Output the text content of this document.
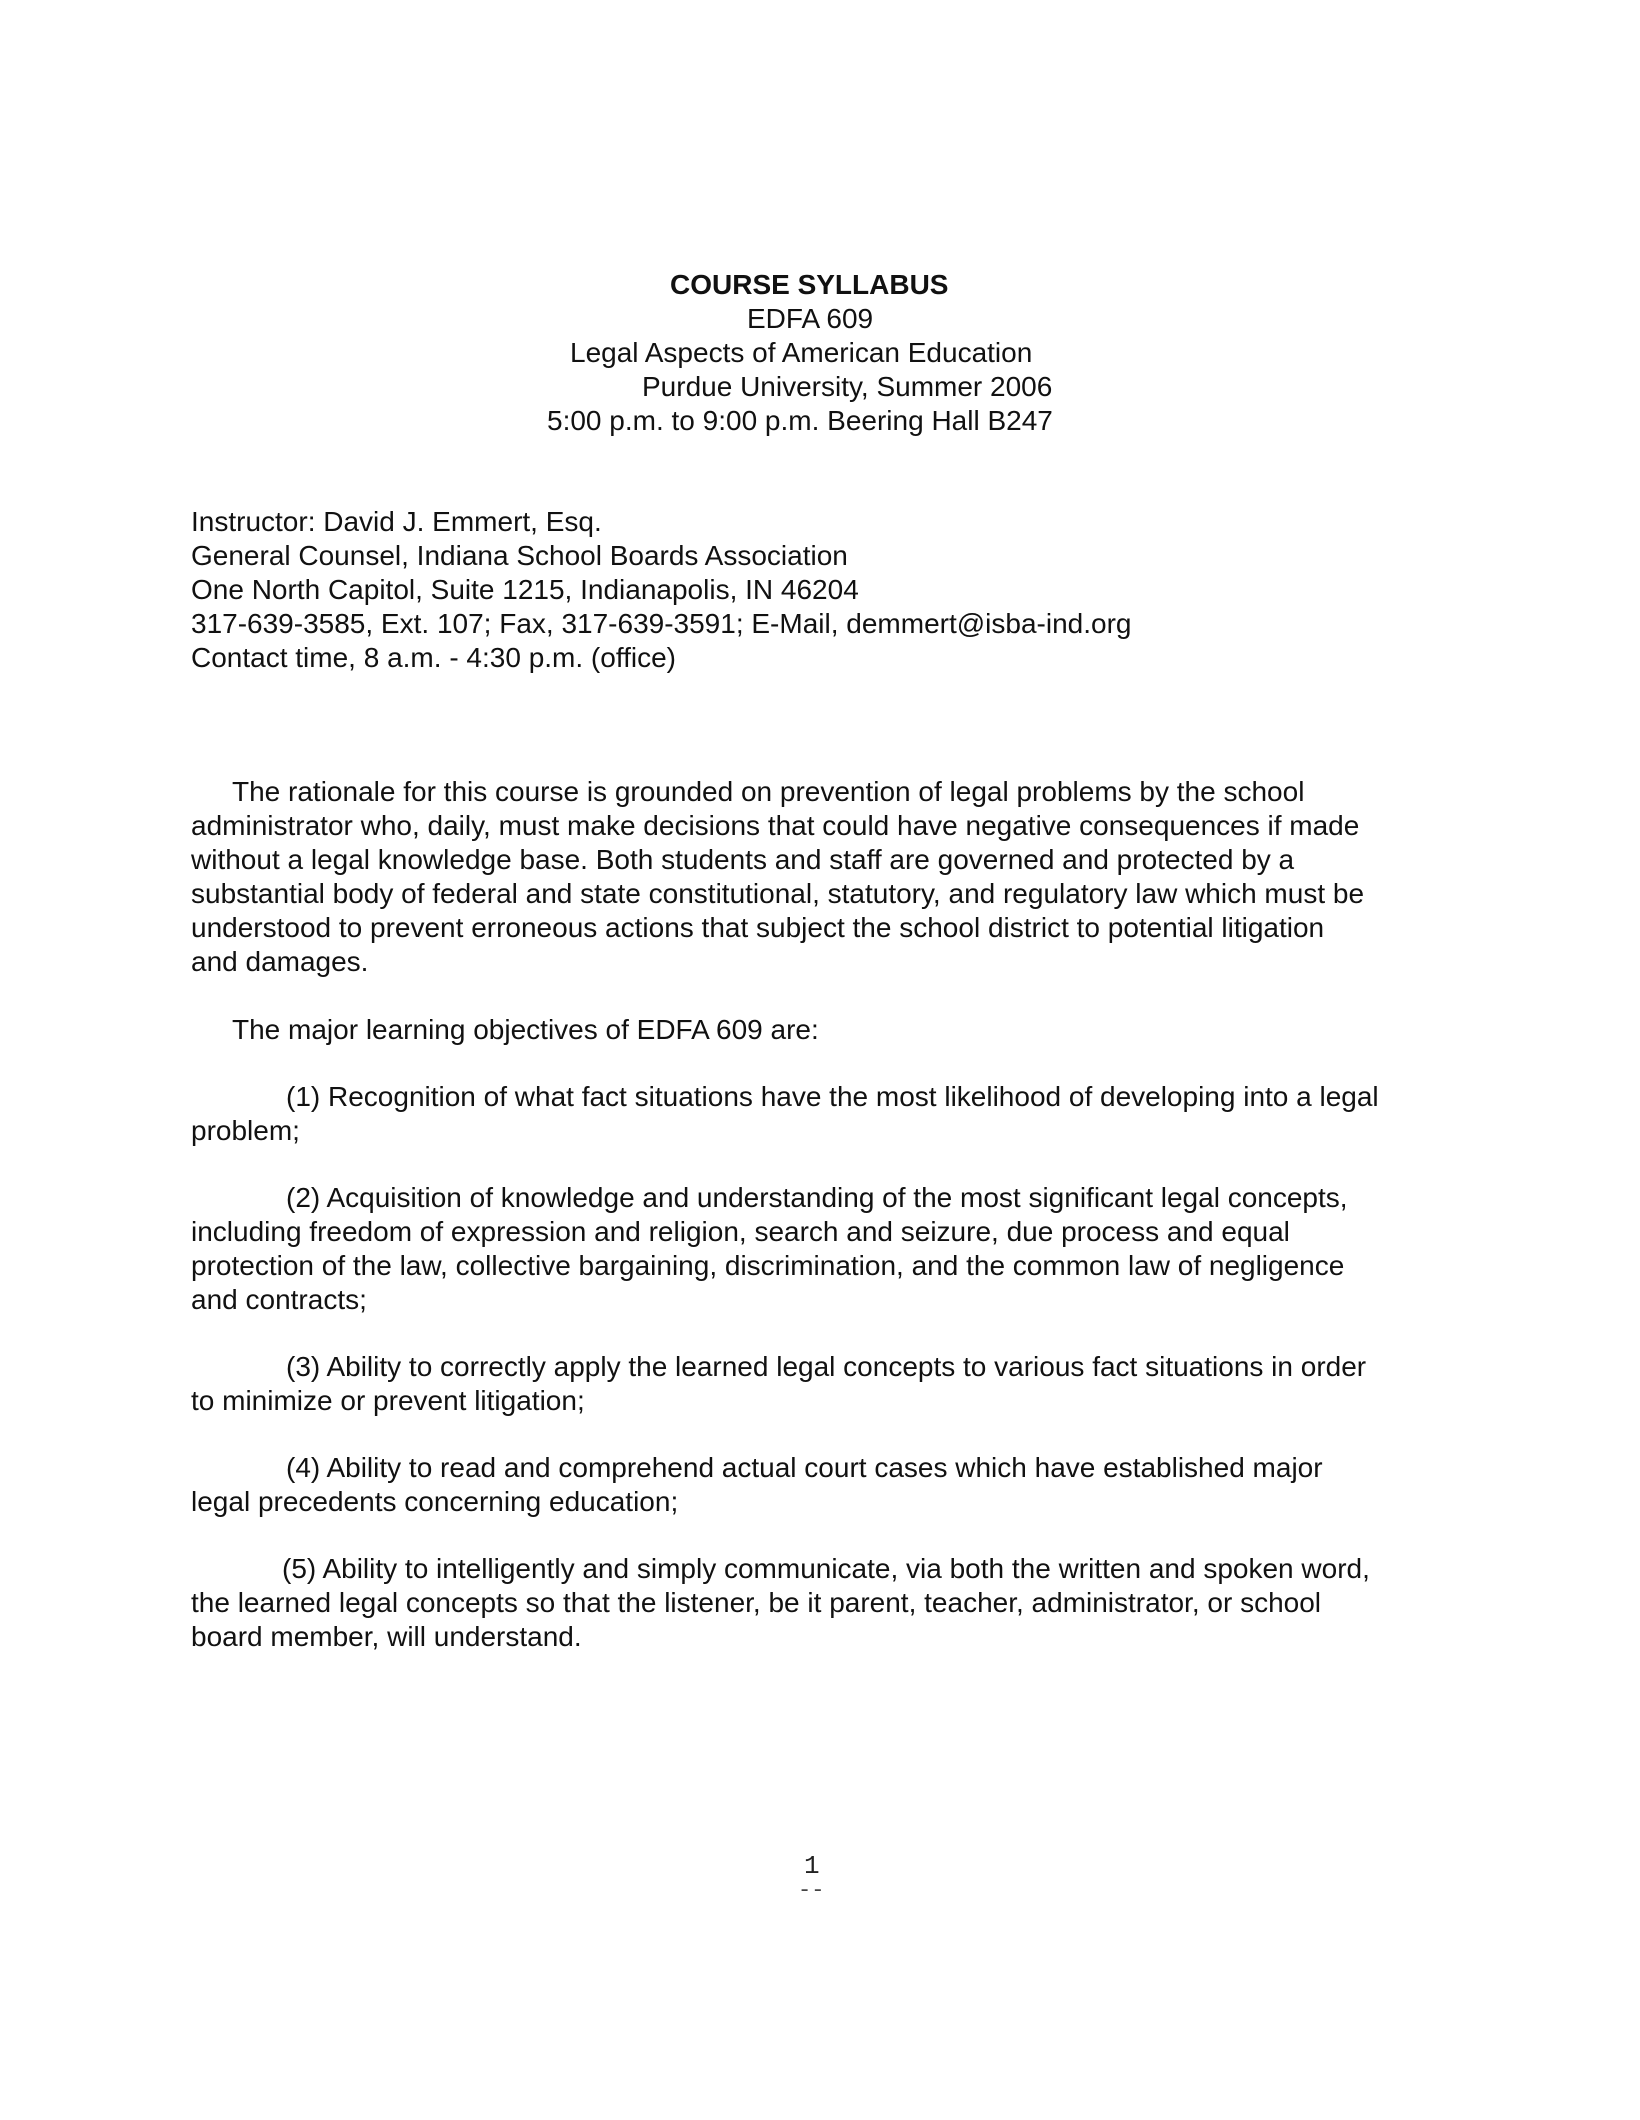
COURSE SYLLABUS

EDFA 609

Legal Aspects of American Education

Purdue University, Summer 2006

5:00 p.m. to 9:00 p.m. Beering Hall B247

Instructor: David J. Emmert, Esq.

General Counsel, Indiana School Boards Association

One North Capitol, Suite 1215, Indianapolis, IN 46204

317-639-3585, Ext. 107; Fax, 317-639-3591; E-Mail, demmert@isba-ind.org

Contact time, 8 a.m. - 4:30 p.m. (office)

The rationale for this course is grounded on prevention of legal problems by the school

administrator who, daily, must make decisions that could have negative consequences if made

without a legal knowledge base. Both students and staff are governed and protected by a

substantial body of federal and state constitutional, statutory, and regulatory law which must be

understood to prevent erroneous actions that subject the school district to potential litigation

and damages.

The major learning objectives of EDFA 609 are:

(1) Recognition of what fact situations have the most likelihood of developing into a legal

problem;

(2) Acquisition of knowledge and understanding of the most significant legal concepts,

including freedom of expression and religion, search and seizure, due process and equal

protection of the law, collective bargaining, discrimination, and the common law of negligence

and contracts;

(3) Ability to correctly apply the learned legal concepts to various fact situations in order

to minimize or prevent litigation;

(4) Ability to read and comprehend actual court cases which have established major

legal precedents concerning education;

(5) Ability to intelligently and simply communicate, via both the written and spoken word,

the learned legal concepts so that the listener, be it parent, teacher, administrator, or school

board member, will understand.

1

--
